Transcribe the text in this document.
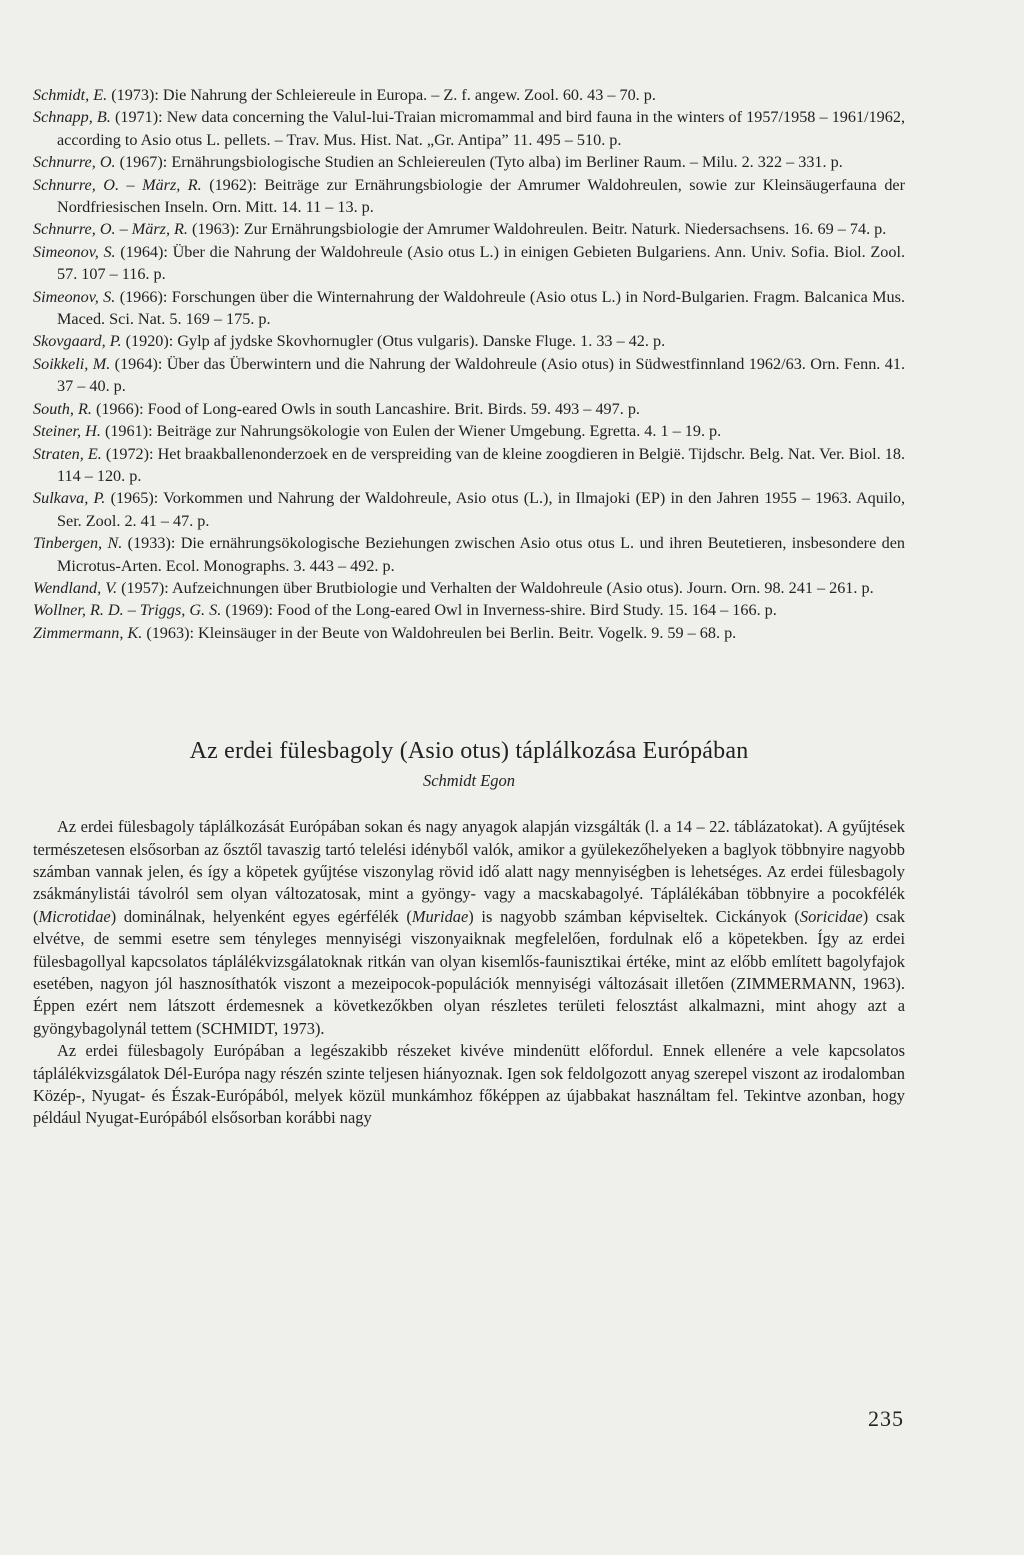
Schmidt, E. (1973): Die Nahrung der Schleiereule in Europa. – Z. f. angew. Zool. 60. 43 – 70. p.

Schnapp, B. (1971): New data concerning the Valul-lui-Traian micromammal and bird fauna in the winters of 1957/1958 – 1961/1962, according to Asio otus L. pellets. – Trav. Mus. Hist. Nat. „Gr. Antipa” 11. 495 – 510. p.

Schnurre, O. (1967): Ernährungsbiologische Studien an Schleiereulen (Tyto alba) im Berliner Raum. – Milu. 2. 322 – 331. p.

Schnurre, O. – März, R. (1962): Beiträge zur Ernährungsbiologie der Amrumer Waldohreulen, sowie zur Kleinsäugerfauna der Nordfriesischen Inseln. Orn. Mitt. 14. 11 – 13. p.

Schnurre, O. – März, R. (1963): Zur Ernährungsbiologie der Amrumer Waldohreulen. Beitr. Naturk. Niedersachsens. 16. 69 – 74. p.

Simeonov, S. (1964): Über die Nahrung der Waldohreule (Asio otus L.) in einigen Gebieten Bulgariens. Ann. Univ. Sofia. Biol. Zool. 57. 107 – 116. p.

Simeonov, S. (1966): Forschungen über die Winternahrung der Waldohreule (Asio otus L.) in Nord-Bulgarien. Fragm. Balcanica Mus. Maced. Sci. Nat. 5. 169 – 175. p.

Skovgaard, P. (1920): Gylp af jydske Skovhornugler (Otus vulgaris). Danske Fluge. 1. 33 – 42. p.

Soikkeli, M. (1964): Über das Überwintern und die Nahrung der Waldohreule (Asio otus) in Südwestfinnland 1962/63. Orn. Fenn. 41. 37 – 40. p.

South, R. (1966): Food of Long-eared Owls in south Lancashire. Brit. Birds. 59. 493 – 497. p.

Steiner, H. (1961): Beiträge zur Nahrungsökologie von Eulen der Wiener Umgebung. Egretta. 4. 1 – 19. p.

Straten, E. (1972): Het braakballenonderzoek en de verspreiding van de kleine zoogdieren in België. Tijdschr. Belg. Nat. Ver. Biol. 18. 114 – 120. p.

Sulkava, P. (1965): Vorkommen und Nahrung der Waldohreule, Asio otus (L.), in Ilmajoki (EP) in den Jahren 1955 – 1963. Aquilo, Ser. Zool. 2. 41 – 47. p.

Tinbergen, N. (1933): Die ernährungsökologische Beziehungen zwischen Asio otus otus L. und ihren Beutetieren, insbesondere den Microtus-Arten. Ecol. Monographs. 3. 443 – 492. p.

Wendland, V. (1957): Aufzeichnungen über Brutbiologie und Verhalten der Waldohreule (Asio otus). Journ. Orn. 98. 241 – 261. p.

Wollner, R. D. – Triggs, G. S. (1969): Food of the Long-eared Owl in Inverness-shire. Bird Study. 15. 164 – 166. p.

Zimmermann, K. (1963): Kleinsäuger in der Beute von Waldohreulen bei Berlin. Beitr. Vogelk. 9. 59 – 68. p.

Az erdei fülesbagoly (Asio otus) táplálkozása Európában

Schmidt Egon

Az erdei fülesbagoly táplálkozását Európában sokan és nagy anyagok alapján vizsgálták (l. a 14 – 22. táblázatokat). A gyűjtések természetesen elsősorban az ősztől tavaszig tartó telelési idényből valók, amikor a gyülekezőhelyeken a baglyok többnyire nagyobb számban vannak jelen, és így a köpetek gyűjtése viszonylag rövid idő alatt nagy mennyiségben is lehetséges. Az erdei fülesbagoly zsákmánylistái távolról sem olyan változatosak, mint a gyöngy- vagy a macskabagolyé. Táplálékában többnyire a pocokfélék (Microtidae) dominálnak, helyenként egyes egérfélék (Muridae) is nagyobb számban képviseltek. Cickányok (Soricidae) csak elvétve, de semmi esetre sem tényleges mennyiségi viszonyaiknak megfelelően, fordulnak elő a köpetekben. Így az erdei fülesbagollyal kapcsolatos táplálékvizsgálatoknak ritkán van olyan kisemlős-faunisztikai értéke, mint az előbb említett bagolyfajok esetében, nagyon jól hasznosíthatók viszont a mezeipocok-populációk mennyiségi változásait illetően (ZIMMERMANN, 1963). Éppen ezért nem látszott érdemesnek a következőkben olyan részletes területi felosztást alkalmazni, mint ahogy azt a gyöngybagolynál tettem (SCHMIDT, 1973).

Az erdei fülesbagoly Európában a legészakibb részeket kivéve mindenütt előfordul. Ennek ellenére a vele kapcsolatos táplálékvizsgálatok Dél-Európa nagy részén szinte teljesen hiányoznak. Igen sok feldolgozott anyag szerepel viszont az irodalomban Közép-, Nyugat- és Észak-Európából, melyek közül munkámhoz főképpen az újabbakat használtam fel. Tekintve azonban, hogy például Nyugat-Európából elsősorban korábbi nagy

235
